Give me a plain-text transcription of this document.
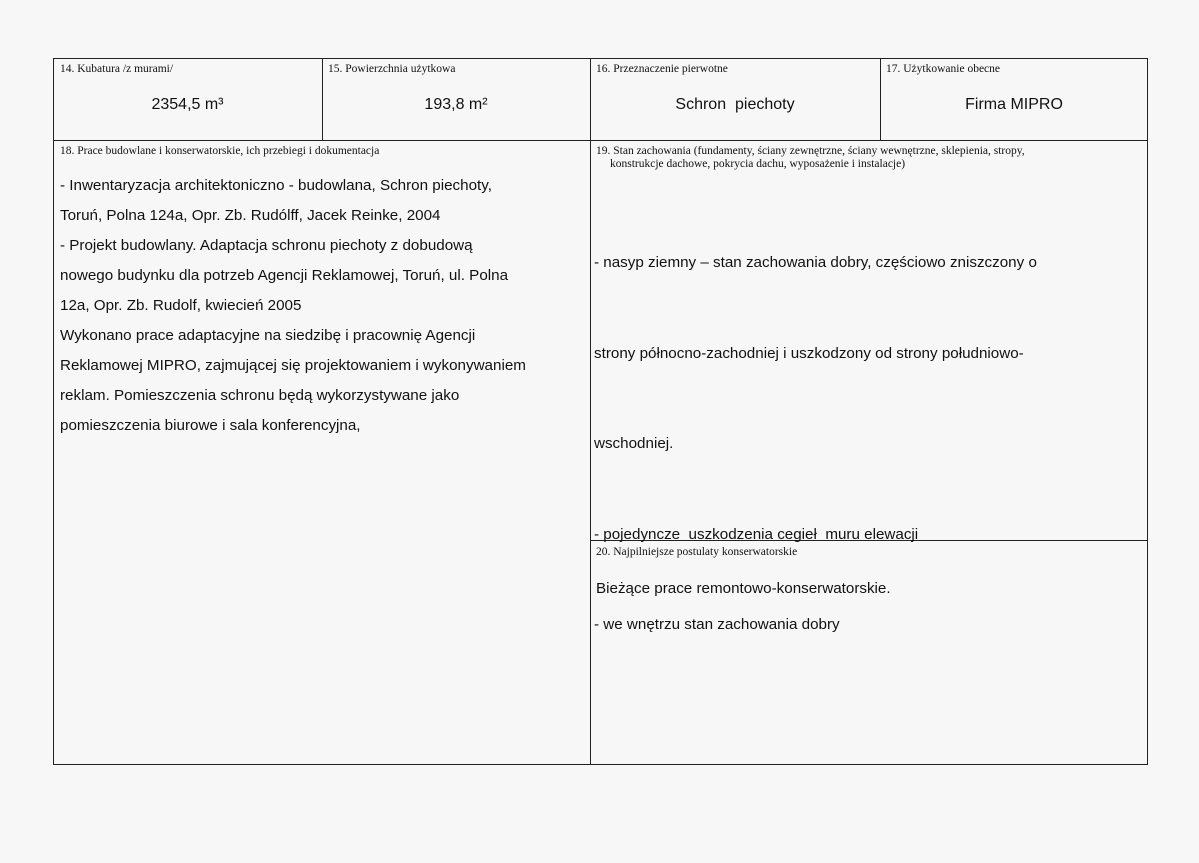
14. Kubatura /z murami/
2354,5 m³
15. Powierzchnia użytkowa
193,8 m²
16. Przeznaczenie pierwotne
Schron  piechoty
17. Użytkowanie obecne
Firma MIPRO
18. Prace budowlane i konserwatorskie, ich przebiegi i dokumentacja

- Inwentaryzacja architektoniczno - budowlana, Schron piechoty,

Toruń, Polna 124a, Opr. Zb. Rudólff, Jacek Reinke, 2004

- Projekt budowlany. Adaptacja schronu piechoty z dobudową

nowego budynku dla potrzeb Agencji Reklamowej, Toruń, ul. Polna

12a, Opr. Zb. Rudolf, kwiecień 2005

Wykonano prace adaptacyjne na siedzibę i pracownię Agencji

Reklamowej MIPRO, zajmującej się projektowaniem i wykonywaniem

reklam. Pomieszczenia schronu będą wykorzystywane jako

pomieszczenia biurowe i sala konferencyjna,

19. Stan zachowania (fundamenty, ściany zewnętrzne, ściany wewnętrzne, sklepienia, stropy,
konstrukcje dachowe, pokrycia dachu, wyposażenie i instalacje)

- nasyp ziemny – stan zachowania dobry, częściowo zniszczony o

strony północno-zachodniej i uszkodzony od strony południowo-

wschodniej.

- pojedyncze  uszkodzenia cegieł  muru elewacji

- we wnętrzu stan zachowania dobry

20. Najpilniejsze postulaty konserwatorskie
Bieżące prace remontowo-konserwatorskie.
